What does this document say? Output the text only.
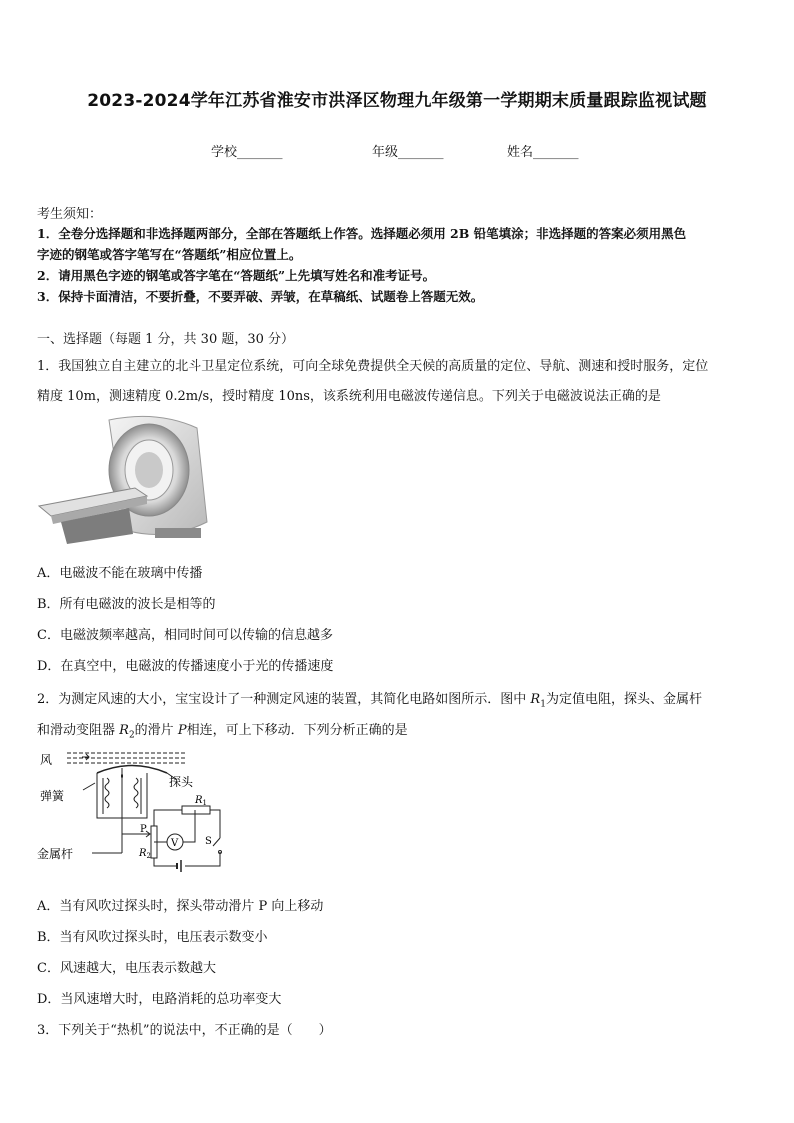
2023-2024学年江苏省淮安市洪泽区物理九年级第一学期期末质量跟踪监视试题
学校_______	年级_______	姓名_______
考生须知：
1．全卷分选择题和非选择题两部分，全部在答题纸上作答。选择题必须用 2B 铅笔填涂；非选择题的答案必须用黑色
字迹的钢笔或答字笔写在“答题纸”相应位置上。
2．请用黑色字迹的钢笔或答字笔在“答题纸”上先填写姓名和准考证号。
3．保持卡面清洁，不要折叠，不要弄破、弄皱，在草稿纸、试题卷上答题无效。
一、选择题（每题 1 分，共 30 题，30 分）
1．我国独立自主建立的北斗卫星定位系统，可向全球免费提供全天候的高质量的定位、导航、测速和授时服务，定位
精度 10m，测速精度 0.2m/s，授时精度 10ns，该系统利用电磁波传递信息。下列关于电磁波说法正确的是
A．电磁波不能在玻璃中传播
B．所有电磁波的波长是相等的
C．电磁波频率越高，相同时间可以传输的信息越多
D．在真空中，电磁波的传播速度小于光的传播速度
2．为测定风速的大小，宝宝设计了一种测定风速的装置，其简化电路如图所示．图中 $R_1$为定值电阻，探头、金属杆
和滑动变阻器 $R_2$的滑片 P相连，可上下移动．下列分析正确的是
风
探头
弹簧
金属杆
$R_1$
$R_2$
P
V	S
A．当有风吹过探头时，探头带动滑片 P 向上移动
B．当有风吹过探头时，电压表示数变小
C．风速越大，电压表示数越大
D．当风速增大时，电路消耗的总功率变大
3．下列关于“热机”的说法中，不正确的是（　　）
